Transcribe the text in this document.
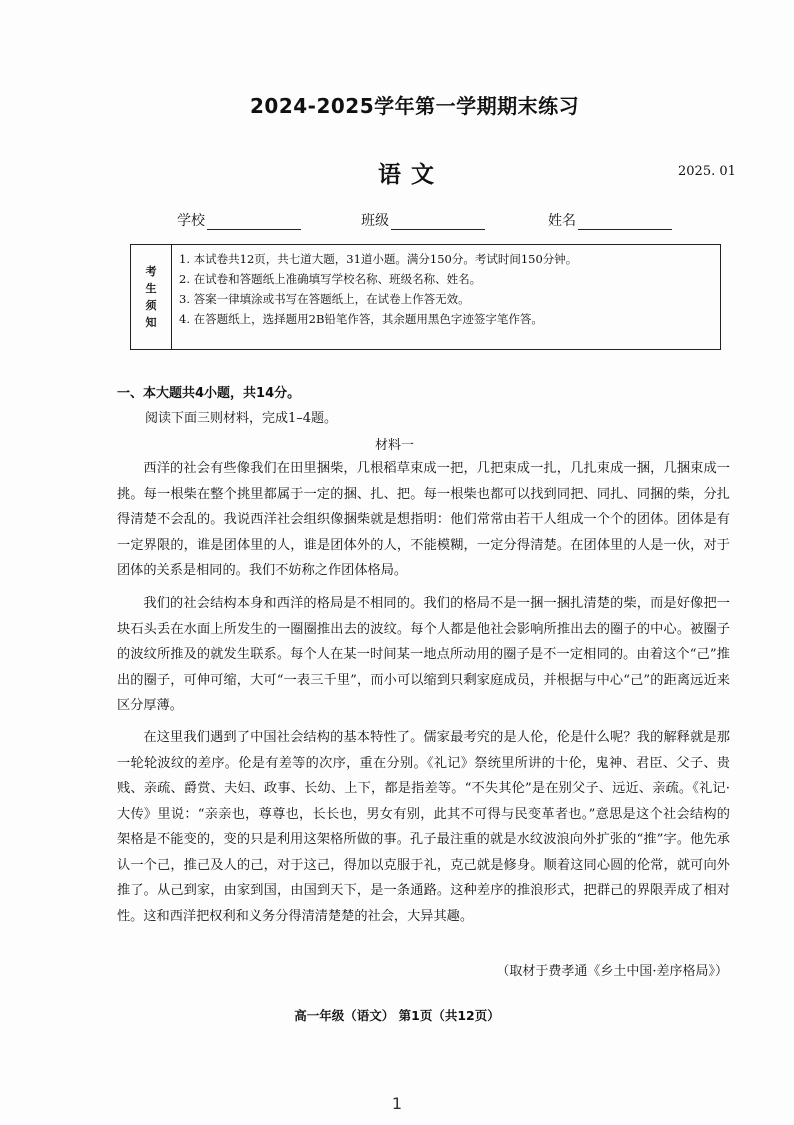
2024-2025学年第一学期期末练习
语文	2025. 01
学校	班级	姓名
考
生
须
知
1. 本试卷共12页，共七道大题，31道小题。满分150分。考试时间150分钟。
2. 在试卷和答题纸上准确填写学校名称、班级名称、姓名。
3. 答案一律填涂或书写在答题纸上，在试卷上作答无效。
4. 在答题纸上，选择题用2B铅笔作答，其余题用黑色字迹签字笔作答。
一、本大题共4小题，共14分。
阅读下面三则材料，完成1–4题。
材料一

西洋的社会有些像我们在田里捆柴，几根稻草束成一把，几把束成一扎，几扎束成一捆，几捆束成一挑。每一根柴在整个挑里都属于一定的捆、扎、把。每一根柴也都可以找到同把、同扎、同捆的柴，分扎得清楚不会乱的。我说西洋社会组织像捆柴就是想指明：他们常常由若干人组成一个个的团体。团体是有一定界限的，谁是团体里的人，谁是团体外的人，不能模糊，一定分得清楚。在团体里的人是一伙，对于团体的关系是相同的。我们不妨称之作团体格局。

我们的社会结构本身和西洋的格局是不相同的。我们的格局不是一捆一捆扎清楚的柴，而是好像把一块石头丢在水面上所发生的一圈圈推出去的波纹。每个人都是他社会影响所推出去的圈子的中心。被圈子的波纹所推及的就发生联系。每个人在某一时间某一地点所动用的圈子是不一定相同的。由着这个“己”推出的圈子，可伸可缩，大可“一表三千里”，而小可以缩到只剩家庭成员，并根据与中心“己”的距离远近来区分厚薄。

在这里我们遇到了中国社会结构的基本特性了。儒家最考究的是人伦，伦是什么呢？我的解释就是那一轮轮波纹的差序。伦是有差等的次序，重在分别。《礼记》祭统里所讲的十伦，鬼神、君臣、父子、贵贱、亲疏、爵赏、夫妇、政事、长幼、上下，都是指差等。“不失其伦”是在别父子、远近、亲疏。《礼记·大传》里说：“亲亲也，尊尊也，长长也，男女有别，此其不可得与民变革者也。”意思是这个社会结构的架格是不能变的，变的只是利用这架格所做的事。孔子最注重的就是水纹波浪向外扩张的“推”字。他先承认一个己，推己及人的己，对于这己，得加以克服于礼，克己就是修身。顺着这同心圆的伦常，就可向外推了。从己到家，由家到国，由国到天下，是一条通路。这种差序的推浪形式，把群己的界限弄成了相对性。这和西洋把权利和义务分得清清楚楚的社会，大异其趣。

（取材于费孝通《乡土中国·差序格局》）
高一年级（语文） 第1页（共12页）
1
